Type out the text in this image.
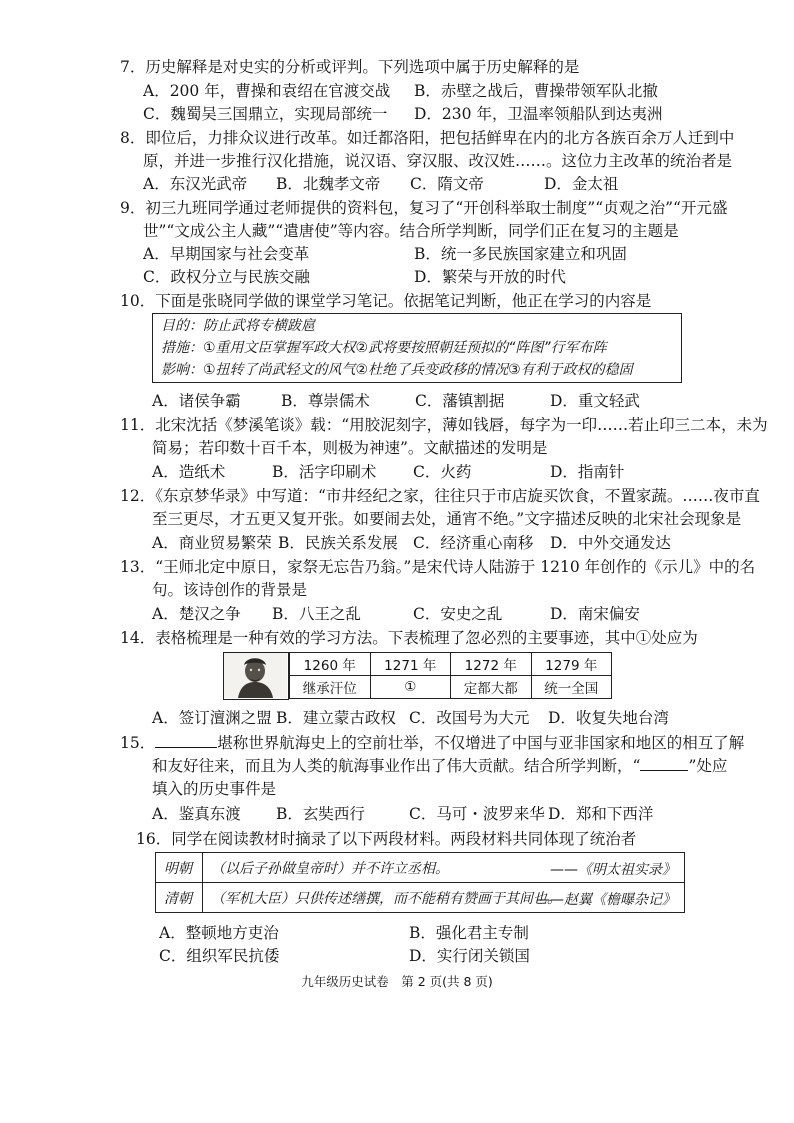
7．历史解释是对史实的分析或评判。下列选项中属于历史解释的是
A．200 年，曹操和袁绍在官渡交战 B．赤壁之战后，曹操带领军队北撤
C．魏蜀吴三国鼎立，实现局部统一 D．230 年，卫温率领船队到达夷洲
8．即位后，力排众议进行改革。如迁都洛阳，把包括鲜卑在内的北方各族百余万人迁到中
原，并进一步推行汉化措施，说汉语、穿汉服、改汉姓……。这位力主改革的统治者是
A．东汉光武帝 B．北魏孝文帝 C．隋文帝	D．金太祖
9．初三九班同学通过老师提供的资料包，复习了“开创科举取士制度”“贞观之治”“开元盛
世”“文成公主人藏”“遣唐使”等内容。结合所学判断，同学们正在复习的主题是
A．早期国家与社会变革	B．统一多民族国家建立和巩固
C．政权分立与民族交融	D．繁荣与开放的时代
10．下面是张晓同学做的课堂学习笔记。依据笔记判断，他正在学习的内容是
目的：防止武将专横跋扈
措施：①重用文臣掌握军政大权②武将要按照朝廷预拟的“阵图”行军布阵
影响：①扭转了尚武轻文的风气②杜绝了兵变政移的情况③有利于政权的稳固
A．诸侯争霸	B．尊崇儒术	C．藩镇割据	D．重文轻武
11．北宋沈括《梦溪笔谈》载：“用胶泥刻字，薄如钱唇，每字为一印……若止印三二本，未为
简易；若印数十百千本，则极为神速”。文献描述的发明是
A．造纸术	B．活字印刷术 C．火药	D．指南针
12．《东京梦华录》中写道：“市井经纪之家，往往只于市店旋买饮食，不置家蔬。……夜市直
至三更尽，才五更又复开张。如要闹去处，通宵不绝。”文字描述反映的北宋社会现象是
A．商业贸易繁荣 B．民族关系发展 C．经济重心南移 D．中外交通发达
13．“王师北定中原日，家祭无忘告乃翁。”是宋代诗人陆游于 1210 年创作的《示儿》中的名
句。该诗创作的背景是
A．楚汉之争 B．八王之乱	C．安史之乱	D．南宋偏安
14．表格梳理是一种有效的学习方法。下表梳理了忽必烈的主要事迹，其中①处应为
1260 年	1271 年	1272 年	1279 年
继承汗位	①	定都大都	统一全国
A．签订澶渊之盟 B．建立蒙古政权 C．改国号为大元 D．收复失地台湾
15．	堪称世界航海史上的空前壮举，不仅增进了中国与亚非国家和地区的相互了解
和友好往来，而且为人类的航海事业作出了伟大贡献。结合所学判断，“	”处应
填入的历史事件是
A．鉴真东渡 B．玄奘西行	C．马可・波罗来华 D．郑和下西洋
16．同学在阅读教材时摘录了以下两段材料。两段材料共同体现了统治者
明朝	（以后子孙做皇帝时）并不许立丞相。 ——《明太祖实录》

清朝	（军机大臣）只供传述缮撰，而不能稍有赞画于其间也。
——赵翼《檐曝杂记》
A．整顿地方吏治	B．强化君主专制
C．组织军民抗倭	D．实行闭关锁国
九年级历史试卷　第 2 页(共 8 页)
